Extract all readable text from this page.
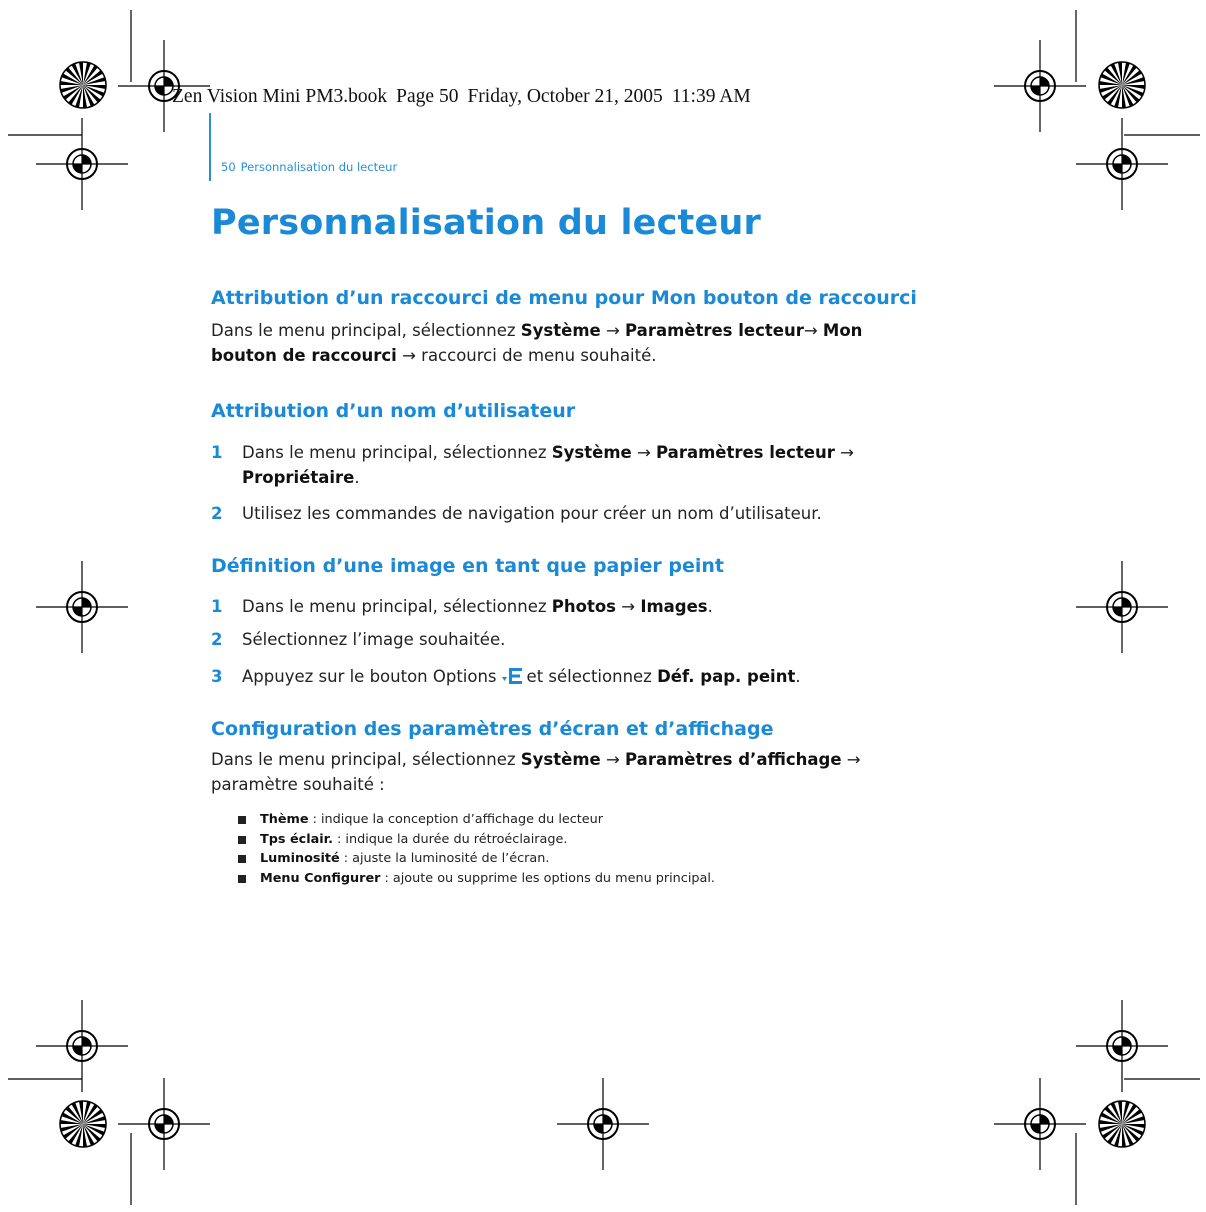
Zen Vision Mini PM3.book Page 50 Friday, October 21, 2005 11:39 AM
50 Personnalisation du lecteur
Personnalisation du lecteur
Attribution d’un raccourci de menu pour Mon bouton de raccourci

Dans le menu principal, sélectionnez Système → Paramètres lecteur→ Mon
bouton de raccourci → raccourci de menu souhaité.

Attribution d’un nom d’utilisateur
1	Dans le menu principal, sélectionnez Système → Paramètres lecteur →
Propriétaire.
2	Utilisez les commandes de navigation pour créer un nom d’utilisateur.
Définition d’une image en tant que papier peint
1	Dans le menu principal, sélectionnez Photos → Images.
2	Sélectionnez l’image souhaitée.
3	Appuyez sur le bouton Options et sélectionnez Déf. pap. peint.
Configuration des paramètres d’écran et d’affichage

Dans le menu principal, sélectionnez Système → Paramètres d’affichage →
paramètre souhaité :

Thème : indique la conception d’affichage du lecteur
Tps éclair. : indique la durée du rétroéclairage.
Luminosité : ajuste la luminosité de l’écran.
Menu Configurer : ajoute ou supprime les options du menu principal.
